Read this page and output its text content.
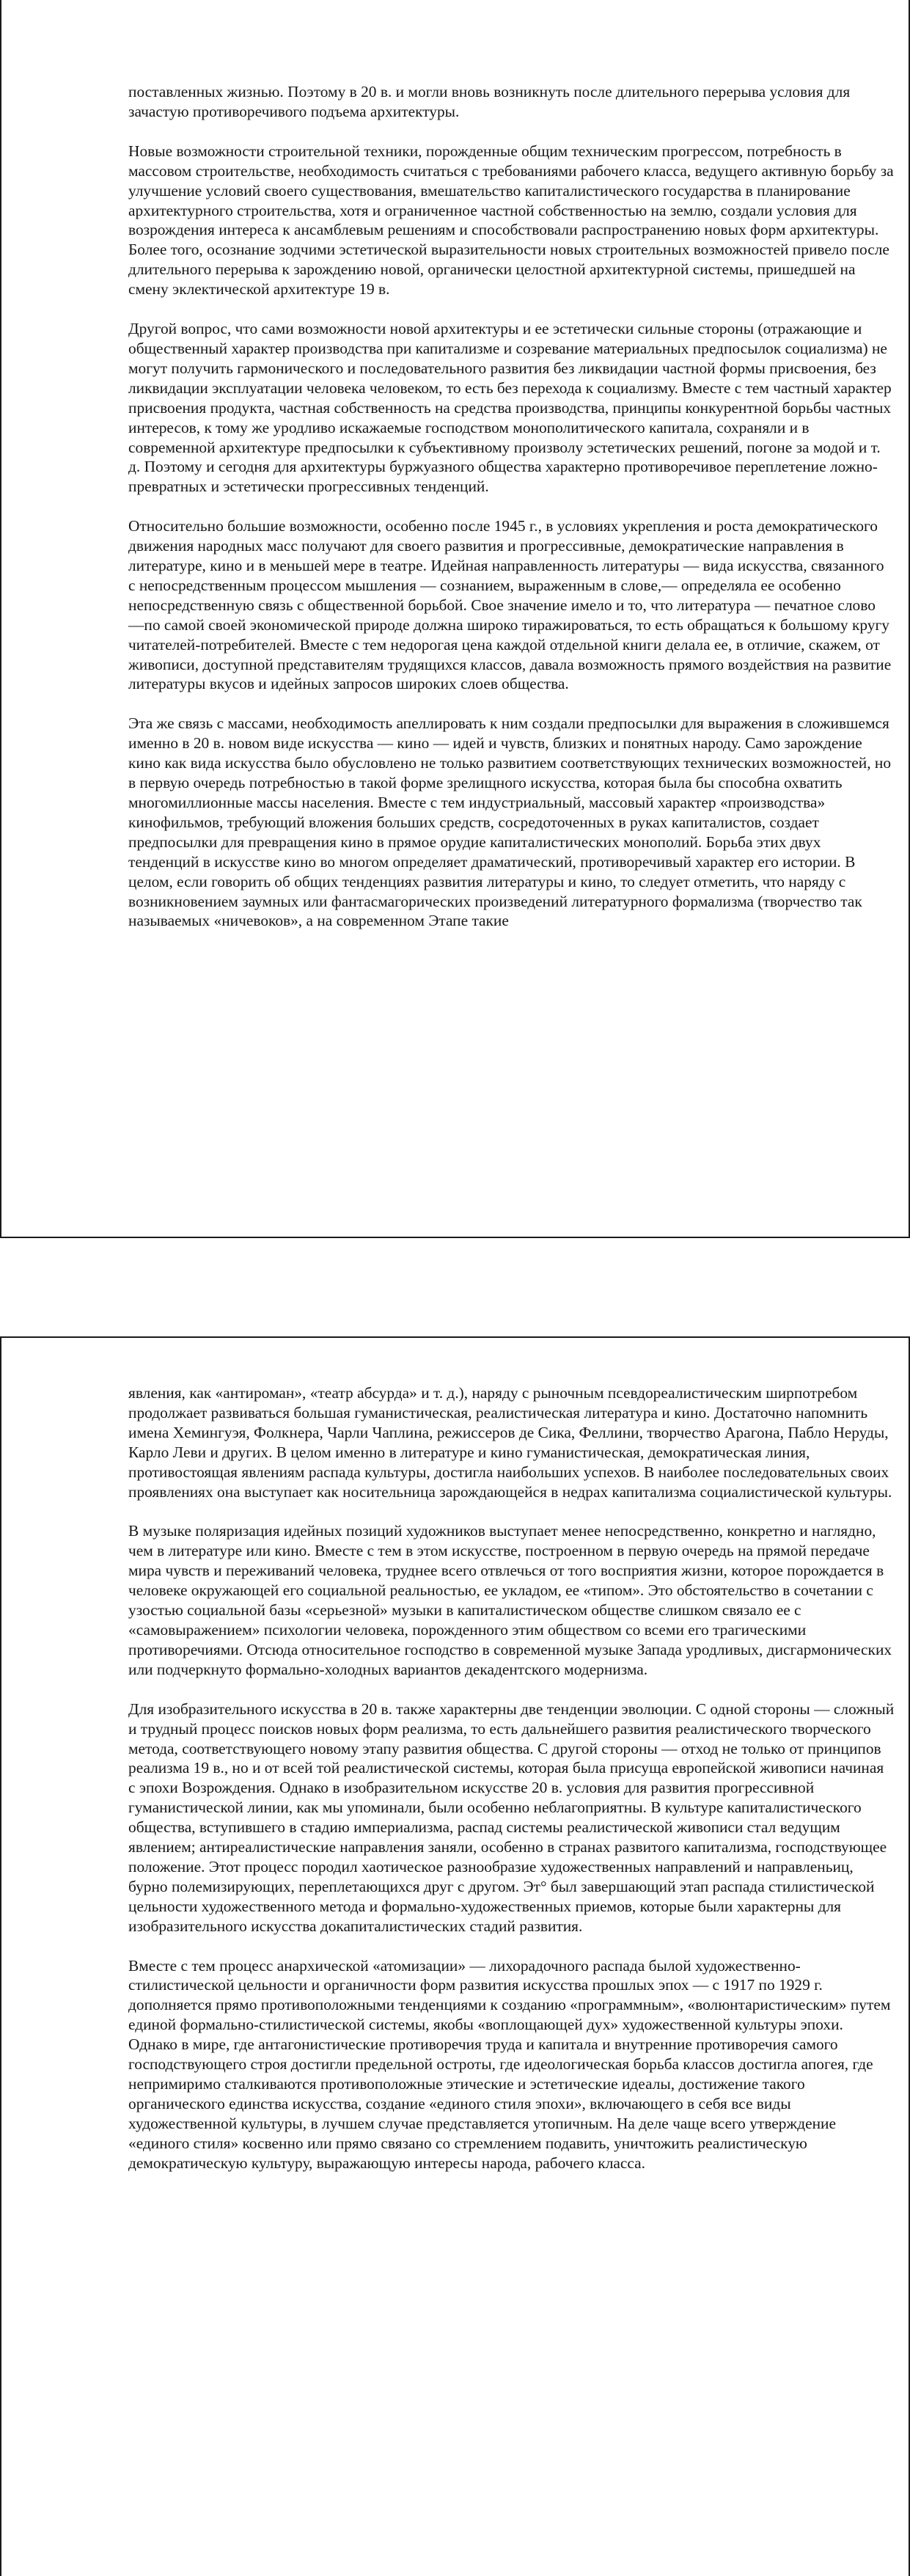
поставленных жизнью. Поэтому в 20 в. и могли вновь возникнуть после длительного перерыва условия для зачастую противоречивого подъема архитектуры.

Новые возможности строительной техники, порожденные общим техническим прогрессом, потребность в массовом строительстве, необходимость считаться с требованиями рабочего класса, ведущего активную борьбу за улучшение условий своего существования, вмешательство капиталистического государства в планирование архитектурного строительства, хотя и ограниченное частной собственностью на землю, создали условия для возрождения интереса к ансамблевым решениям и способствовали распространению новых форм архитектуры. Более того, осознание зодчими эстетической выразительности новых строительных возможностей привело после длительного перерыва к зарождению новой, органически целостной архитектурной системы, пришедшей на смену эклектической архитектуре 19 в.

Другой вопрос, что сами возможности новой архитектуры и ее эстетически сильные стороны (отражающие и общественный характер производства при капитализме и созревание материальных предпосылок социализма) не могут получить гармонического и последовательного развития без ликвидации частной формы присвоения, без ликвидации эксплуатации человека человеком, то есть без перехода к социализму. Вместе с тем частный характер присвоения продукта, частная собственность на средства производства, принципы конкурентной борьбы частных интересов, к тому же уродливо искажаемые господством монополитического капитала, сохраняли и в современной архитектуре предпосылки к субъективному произволу эстетических решений, погоне за модой и т. д. Поэтому и сегодня для архитектуры буржуазного общества характерно противоречивое переплетение ложно-превратных и эстетически прогрессивных тенденций.

Относительно большие возможности, особенно после 1945 г., в условиях укрепления и роста демократического движения народных масс получают для своего развития и прогрессивные, демократические направления в литературе, кино и в меньшей мере в театре. Идейная направленность литературы — вида искусства, связанного с непосредственным процессом мышления — сознанием, выраженным в слове,— определяла ее особенно непосредственную связь с общественной борьбой. Свое значение имело и то, что литература — печатное слово —по самой своей экономической природе должна широко тиражироваться, то есть обращаться к большому кругу читателей-потребителей. Вместе с тем недорогая цена каждой отдельной книги делала ее, в отличие, скажем, от живописи, доступной представителям трудящихся классов, давала возможность прямого воздействия на развитие литературы вкусов и идейных запросов широких слоев общества.

Эта же связь с массами, необходимость апеллировать к ним создали предпосылки для выражения в сложившемся именно в 20 в. новом виде искусства — кино — идей и чувств, близких и понятных народу. Само зарождение кино как вида искусства было обусловлено не только развитием соответствующих технических возможностей, но в первую очередь потребностью в такой форме зрелищного искусства, которая была бы способна охватить многомиллионные массы населения. Вместе с тем индустриальный, массовый характер «производства» кинофильмов, требующий вложения больших средств, сосредоточенных в руках капиталистов, создает предпосылки для превращения кино в прямое орудие капиталистических монополий. Борьба этих двух тенденций в искусстве кино во многом определяет драматический, противоречивый характер его истории. В целом, если говорить об общих тенденциях развития литературы и кино, то следует отметить, что наряду с возникновением заумных или фантасмагорических произведений литературного формализма (творчество так называемых «ничевоков», а на современном Этапе такие

явления, как «антироман», «театр абсурда» и т. д.), наряду с рыночным псевдореалистическим ширпотребом продолжает развиваться большая гуманистическая, реалистическая литература и кино. Достаточно напомнить имена Хемингуэя, Фолкнера, Чарли Чаплина, режиссеров де Сика, Феллини, творчество Арагона, Пабло Неруды, Карло Леви и других. В целом именно в литературе и кино гуманистическая, демократическая линия, противостоящая явлениям распада культуры, достигла наибольших успехов. В наиболее последовательных своих проявлениях она выступает как носительница зарождающейся в недрах капитализма социалистической культуры.

В музыке поляризация идейных позиций художников выступает менее непосредственно, конкретно и наглядно, чем в литературе или кино. Вместе с тем в этом искусстве, построенном в первую очередь на прямой передаче мира чувств и переживаний человека, труднее всего отвлечься от того восприятия жизни, которое порождается в человеке окружающей его социальной реальностью, ее укладом, ее «типом». Это обстоятельство в сочетании с узостью социальной базы «серьезной» музыки в капиталистическом обществе слишком связало ее с «самовыражением» психологии человека, порожденного этим обществом со всеми его трагическими противоречиями. Отсюда относительное господство в современной музыке Запада уродливых, дисгармонических или подчеркнуто формально-холодных вариантов декадентского модернизма.

Для изобразительного искусства в 20 в. также характерны две тенденции эволюции. С одной стороны — сложный и трудный процесс поисков новых форм реализма, то есть дальнейшего развития реалистического творческого метода, соответствующего новому этапу развития общества. С другой стороны — отход не только от принципов реализма 19 в., но и от всей той реалистической системы, которая была присуща европейской живописи начиная с эпохи Возрождения. Однако в изобразительном искусстве 20 в. условия для развития прогрессивной гуманистической линии, как мы упоминали, были особенно неблагоприятны. В культуре капиталистического общества, вступившего в стадию империализма, распад системы реалистической живописи стал ведущим явлением; антиреалистические направления заняли, особенно в странах развитого капитализма, господствующее положение. Этот процесс породил хаотическое разнообразие художественных направлений и направленьиц, бурно полемизирующих, переплетающихся друг с другом. Эт° был завершающий этап распада стилистической цельности художественного метода и формально-художественных приемов, которые были характерны для изобразительного искусства докапиталистических стадий развития.

Вместе с тем процесс анархической «атомизации» — лихорадочного распада былой художественно-стилистической цельности и органичности форм развития искусства прошлых эпох — с 1917 по 1929 г. дополняется прямо противоположными тенденциями к созданию «программным», «волюнтаристическим» путем единой формально-стилистической системы, якобы «воплощающей дух» художественной культуры эпохи. Однако в мире, где антагонистические противоречия труда и капитала и внутренние противоречия самого господствующего строя достигли предельной остроты, где идеологическая борьба классов достигла апогея, где непримиримо сталкиваются противоположные этические и эстетические идеалы, достижение такого органического единства искусства, создание «единого стиля эпохи», включающего в себя все виды художественной культуры, в лучшем случае представляется утопичным. На деле чаще всего утверждение «единого стиля» косвенно или прямо связано со стремлением подавить, уничтожить реалистическую демократическую культуру, выражающую интересы народа, рабочего класса.
